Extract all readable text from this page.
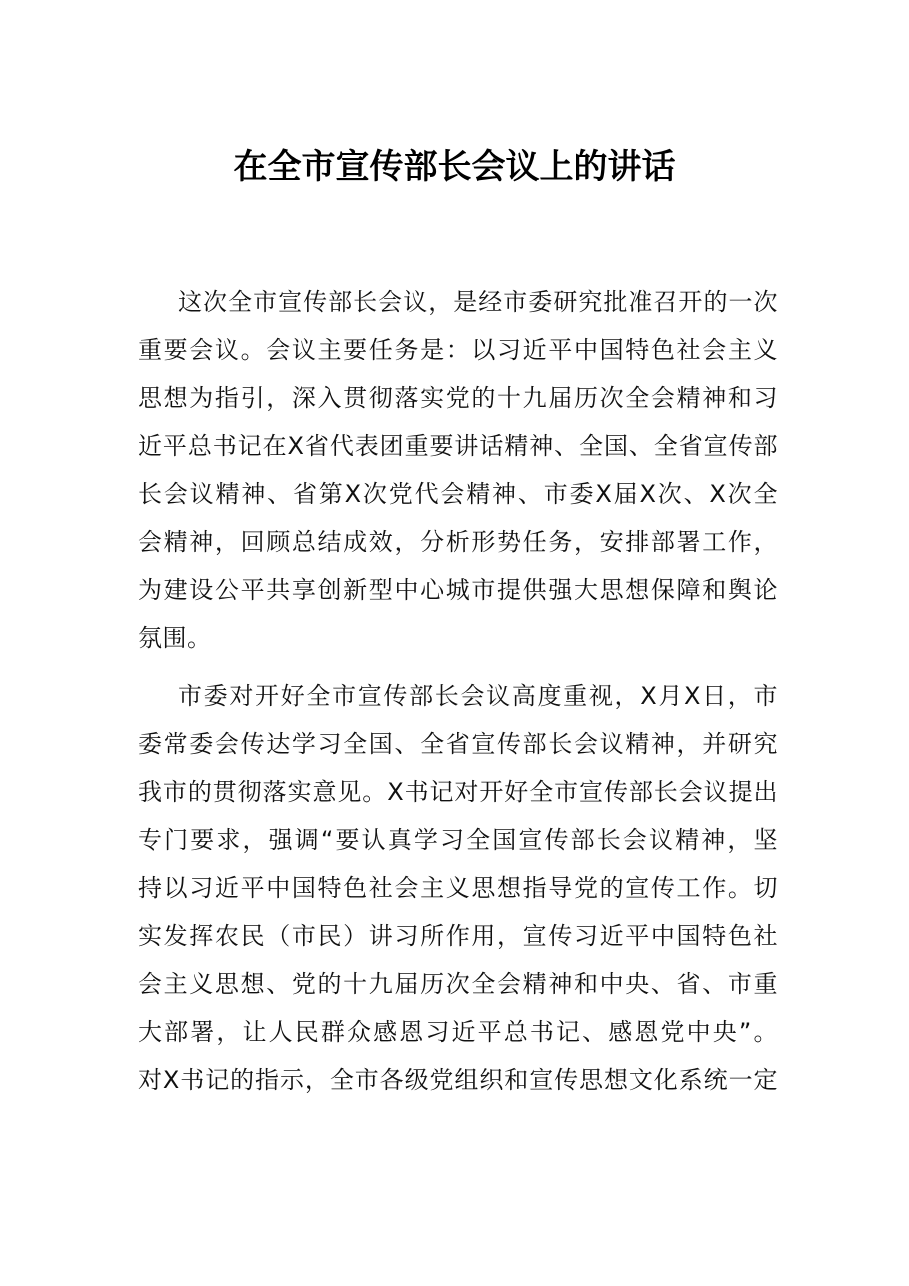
在全市宣传部长会议上的讲话
这次全市宣传部长会议，是经市委研究批准召开的一次
重要会议。会议主要任务是：以习近平中国特色社会主义
思想为指引，深入贯彻落实党的十九届历次全会精神和习
近平总书记在X省代表团重要讲话精神、全国、全省宣传部
长会议精神、省第X次党代会精神、市委X届X次、X次全
会精神，回顾总结成效，分析形势任务，安排部署工作，
为建设公平共享创新型中心城市提供强大思想保障和舆论
氛围。
市委对开好全市宣传部长会议高度重视，X月X日，市
委常委会传达学习全国、全省宣传部长会议精神，并研究
我市的贯彻落实意见。X书记对开好全市宣传部长会议提出
专门要求，强调“要认真学习全国宣传部长会议精神，坚
持以习近平中国特色社会主义思想指导党的宣传工作。切
实发挥农民（市民）讲习所作用，宣传习近平中国特色社
会主义思想、党的十九届历次全会精神和中央、省、市重
大部署，让人民群众感恩习近平总书记、感恩党中央”。
对X书记的指示，全市各级党组织和宣传思想文化系统一定
